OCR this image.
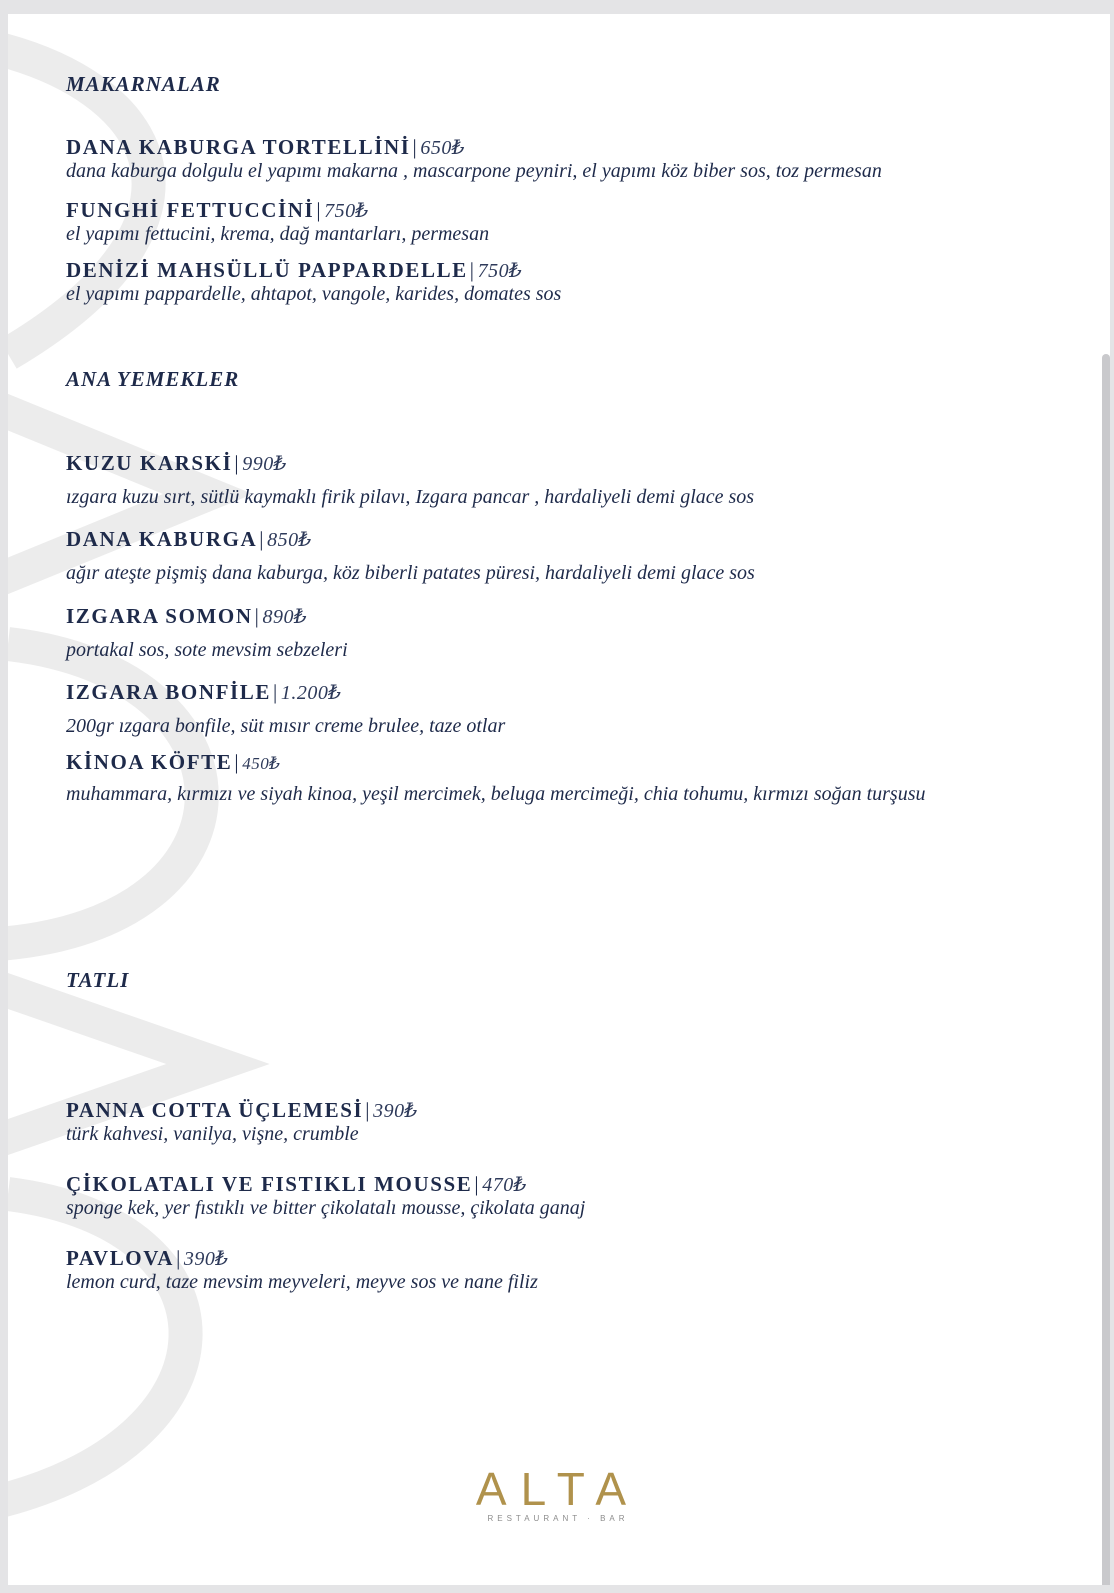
MAKARNALAR
DANA KABURGA TORTELLİNİ| 650₺
dana kaburga dolgulu el yapımı makarna , mascarpone peyniri, el yapımı köz biber sos, toz permesan
FUNGHİ FETTUCCİNİ| 750₺
el yapımı fettucini, krema, dağ mantarları, permesan
DENİZİ MAHSÜLLÜ PAPPARDELLE| 750₺
el yapımı pappardelle, ahtapot, vangole, karides, domates sos
ANA YEMEKLER
KUZU KARSKİ| 990₺
ızgara kuzu sırt, sütlü kaymaklı firik pilavı, Izgara pancar , hardaliyeli demi glace sos
DANA KABURGA| 850₺
ağır ateşte pişmiş dana kaburga, köz biberli patates püresi, hardaliyeli demi glace sos
IZGARA SOMON| 890₺
portakal sos, sote mevsim sebzeleri
IZGARA BONFİLE| 1.200₺
200gr ızgara bonfile, süt mısır creme brulee, taze otlar
KİNOA KÖFTE| 450₺
muhammara, kırmızı ve siyah kinoa, yeşil mercimek, beluga mercimeği, chia tohumu, kırmızı soğan turşusu
TATLI
PANNA COTTA ÜÇLEMESİ| 390₺
türk kahvesi, vanilya, vişne, crumble
ÇİKOLATALI VE FISTIKLI MOUSSE| 470₺
sponge kek, yer fıstıklı ve bitter çikolatalı mousse, çikolata ganaj
PAVLOVA| 390₺
lemon curd, taze mevsim meyveleri, meyve sos ve nane filiz
ALTA
RESTAURANT · BAR
